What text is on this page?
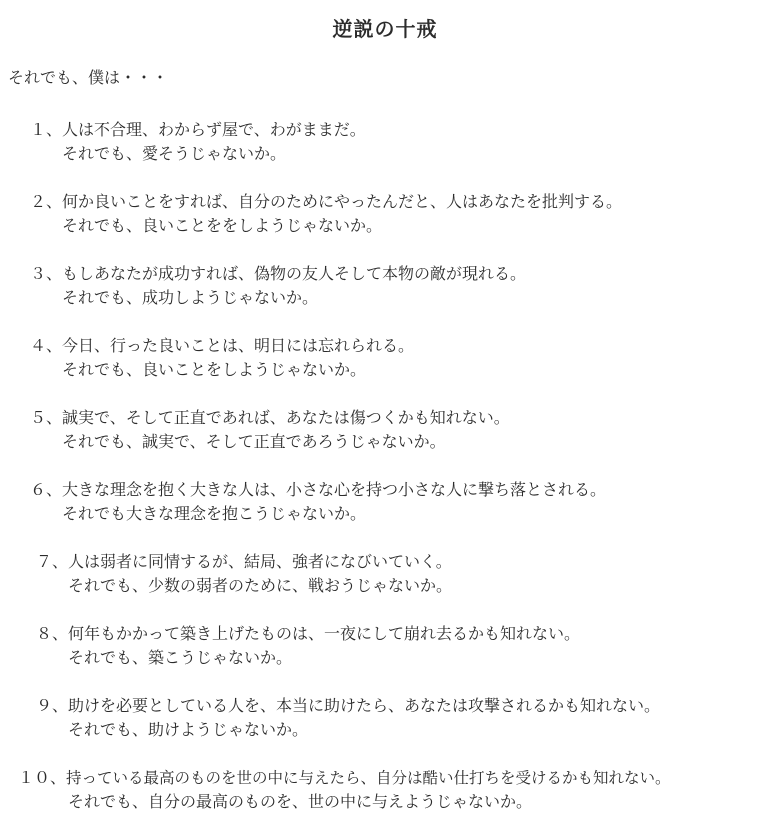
逆説の十戒
それでも、僕は・・・
１、人は不合理、わからず屋で、わがままだ。
それでも、愛そうじゃないか。
２、何か良いことをすれば、自分のためにやったんだと、人はあなたを批判する。
それでも、良いことををしようじゃないか。
３、もしあなたが成功すれば、偽物の友人そして本物の敵が現れる。
それでも、成功しようじゃないか。
４、今日、行った良いことは、明日には忘れられる。
それでも、良いことをしようじゃないか。
５、誠実で、そして正直であれば、あなたは傷つくかも知れない。
それでも、誠実で、そして正直であろうじゃないか。
６、大きな理念を抱く大きな人は、小さな心を持つ小さな人に撃ち落とされる。
それでも大きな理念を抱こうじゃないか。
７、人は弱者に同情するが、結局、強者になびいていく。
それでも、少数の弱者のために、戦おうじゃないか。
８、何年もかかって築き上げたものは、一夜にして崩れ去るかも知れない。
それでも、築こうじゃないか。
９、助けを必要としている人を、本当に助けたら、あなたは攻撃されるかも知れない。
それでも、助けようじゃないか。
１０、持っている最高のものを世の中に与えたら、自分は酷い仕打ちを受けるかも知れない。
それでも、自分の最高のものを、世の中に与えようじゃないか。
